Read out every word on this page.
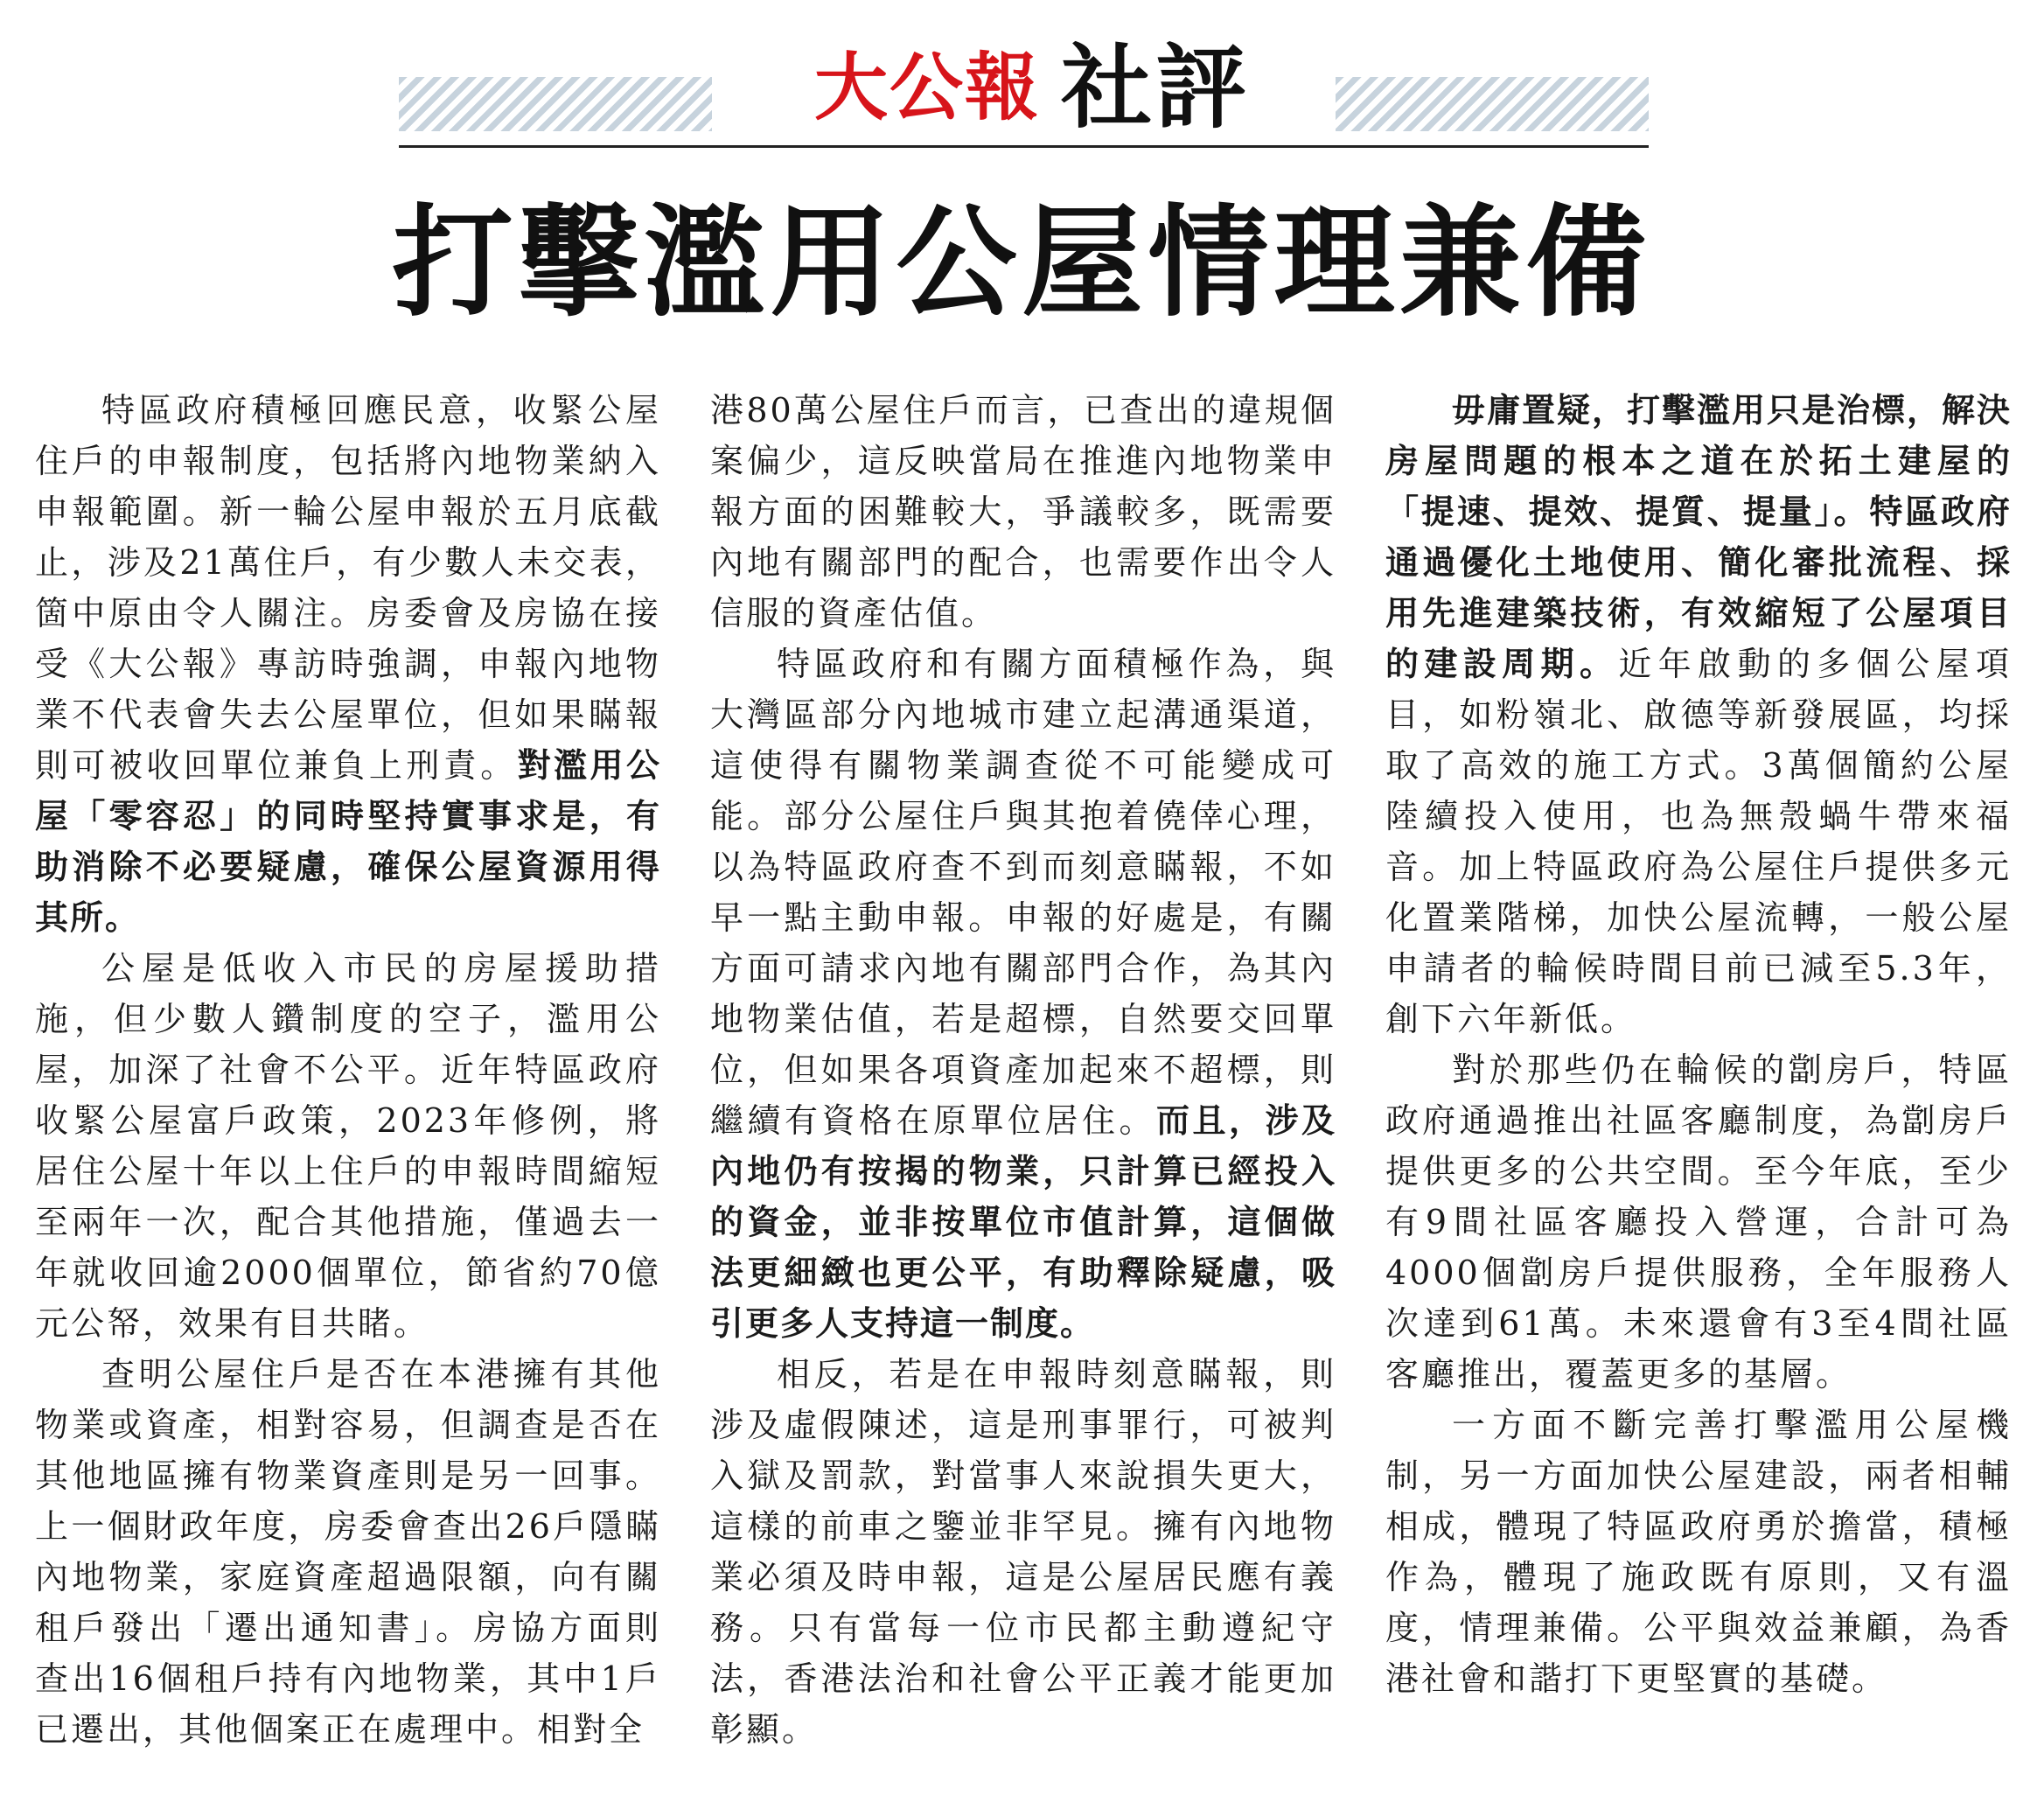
大公報 社評
打擊濫用公屋情理兼備

特區政府積極回應民意，收緊公屋住戶的申報制度，包括將內地物業納入申報範圍。新一輪公屋申報於五月底截止，涉及21萬住戶，有少數人未交表，箇中原由令人關注。房委會及房協在接受《大公報》專訪時強調，申報內地物業不代表會失去公屋單位，但如果瞞報則可被收回單位兼負上刑責。對濫用公屋「零容忍」的同時堅持實事求是，有助消除不必要疑慮，確保公屋資源用得其所。

公屋是低收入市民的房屋援助措施，但少數人鑽制度的空子，濫用公屋，加深了社會不公平。近年特區政府收緊公屋富戶政策，2023年修例，將居住公屋十年以上住戶的申報時間縮短至兩年一次，配合其他措施，僅過去一年就收回逾2000個單位，節省約70億元公帑，效果有目共睹。

查明公屋住戶是否在本港擁有其他物業或資產，相對容易，但調查是否在其他地區擁有物業資產則是另一回事。上一個財政年度，房委會查出26戶隱瞞內地物業，家庭資產超過限額，向有關租戶發出「遷出通知書」。房協方面則查出16個租戶持有內地物業，其中1戶已遷出，其他個案正在處理中。相對全

港80萬公屋住戶而言，已查出的違規個案偏少，這反映當局在推進內地物業申報方面的困難較大，爭議較多，既需要內地有關部門的配合，也需要作出令人信服的資產估值。

特區政府和有關方面積極作為，與大灣區部分內地城市建立起溝通渠道，這使得有關物業調查從不可能變成可能。部分公屋住戶與其抱着僥倖心理，以為特區政府查不到而刻意瞞報，不如早一點主動申報。申報的好處是，有關方面可請求內地有關部門合作，為其內地物業估值，若是超標，自然要交回單位，但如果各項資產加起來不超標，則繼續有資格在原單位居住。而且，涉及內地仍有按揭的物業，只計算已經投入的資金，並非按單位市值計算，這個做法更細緻也更公平，有助釋除疑慮，吸引更多人支持這一制度。

相反，若是在申報時刻意瞞報，則涉及虛假陳述，這是刑事罪行，可被判入獄及罰款，對當事人來說損失更大，這樣的前車之鑒並非罕見。擁有內地物業必須及時申報，這是公屋居民應有義務。只有當每一位市民都主動遵紀守法，香港法治和社會公平正義才能更加彰顯。

毋庸置疑，打擊濫用只是治標，解決房屋問題的根本之道在於拓土建屋的「提速、提效、提質、提量」。特區政府通過優化土地使用、簡化審批流程、採用先進建築技術，有效縮短了公屋項目的建設周期。近年啟動的多個公屋項目，如粉嶺北、啟德等新發展區，均採取了高效的施工方式。3萬個簡約公屋陸續投入使用，也為無殼蝸牛帶來福音。加上特區政府為公屋住戶提供多元化置業階梯，加快公屋流轉，一般公屋申請者的輪候時間目前已減至5.3年，創下六年新低。

對於那些仍在輪候的劏房戶，特區政府通過推出社區客廳制度，為劏房戶提供更多的公共空間。至今年底，至少有9間社區客廳投入營運，合計可為4000個劏房戶提供服務，全年服務人次達到61萬。未來還會有3至4間社區客廳推出，覆蓋更多的基層。

一方面不斷完善打擊濫用公屋機制，另一方面加快公屋建設，兩者相輔相成，體現了特區政府勇於擔當，積極作為，體現了施政既有原則，又有溫度，情理兼備。公平與效益兼顧，為香港社會和諧打下更堅實的基礎。
